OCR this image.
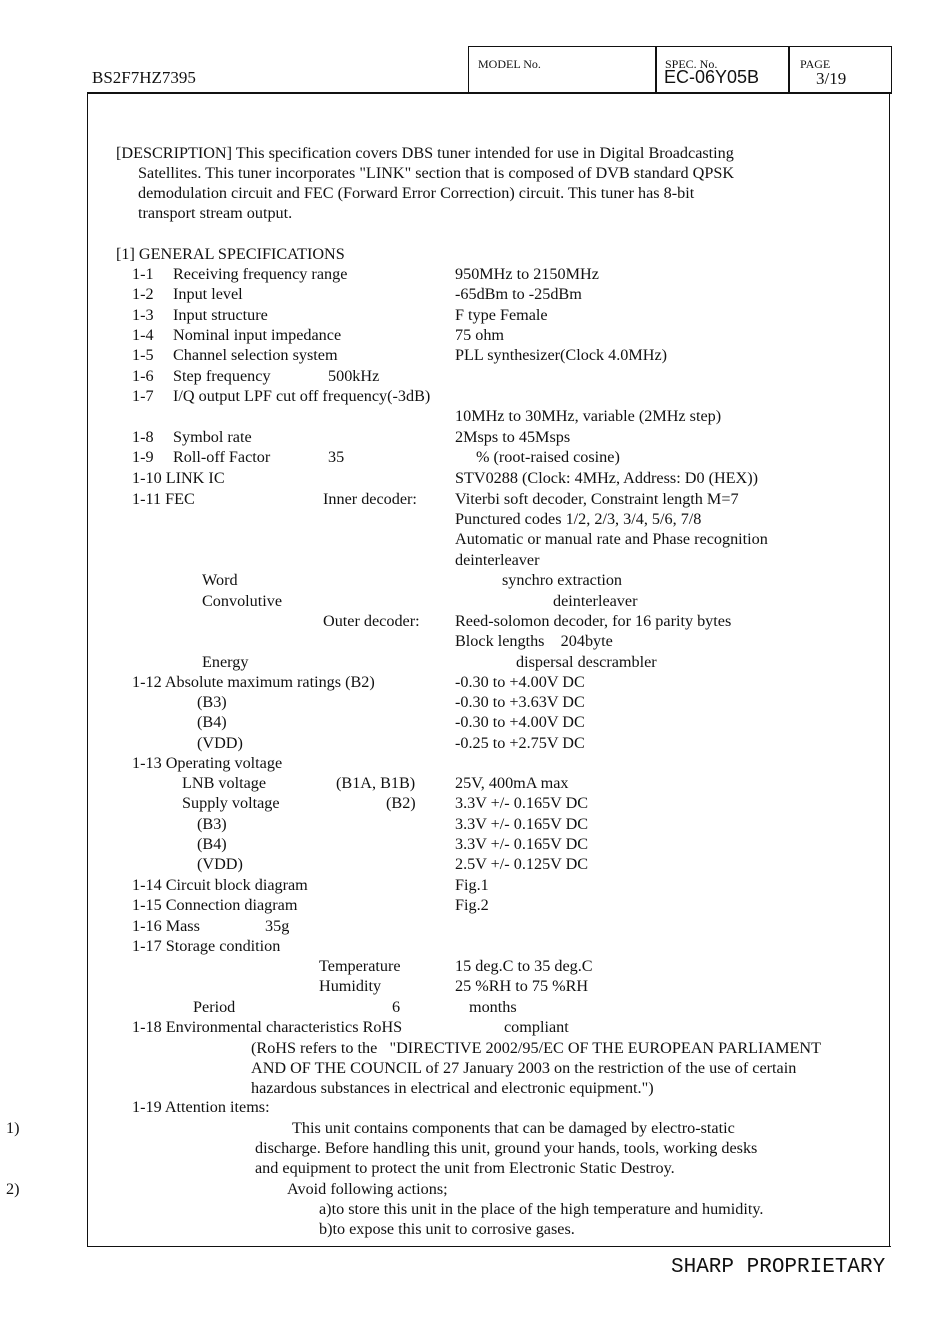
BS2F7HZ7395
MODEL No.	SPEC. No.
EC-06Y05B
PAGE
3/19
[DESCRIPTION] This specification covers DBS tuner intended for use in Digital Broadcasting
Satellites. This tuner incorporates "LINK" section that is composed of DVB standard QPSK
demodulation circuit and FEC (Forward Error Correction) circuit. This tuner has 8-bit
transport stream output.
[1] GENERAL SPECIFICATIONS
1-1 Receiving frequency range	950MHz to 2150MHz
1-2 Input level	-65dBm to -25dBm
1-3 Input structure	F type Female
1-4 Nominal input impedance	75 ohm
1-5 Channel selection system	PLL synthesizer(Clock 4.0MHz)
1-6 Step frequency	500kHz
1-7 I/Q output LPF cut off frequency(-3dB)
10MHz to 30MHz, variable (2MHz step)
1-8 Symbol rate	2Msps to 45Msps
1-9 Roll-off Factor	35	% (root-raised cosine)
1-10 LINK IC	STV0288 (Clock: 4MHz, Address: D0 (HEX))
1-11 FEC	Inner decoder: Viterbi soft decoder, Constraint length M=7
Punctured codes 1/2, 2/3, 3/4, 5/6, 7/8
Automatic or manual rate and Phase recognition
deinterleaver
Word	synchro extraction
Convolutive	deinterleaver
Outer decoder: Reed-solomon decoder, for 16 parity bytes
Block lengths    204byte
Energy	dispersal descrambler
1-12 Absolute maximum ratings (B2)	-0.30 to +4.00V DC
(B3)	-0.30 to +3.63V DC
(B4)	-0.30 to +4.00V DC
(VDD)	-0.25 to +2.75V DC
1-13 Operating voltage
LNB voltage	(B1A, B1B) 25V, 400mA max
Supply voltage	(B2) 3.3V +/- 0.165V DC
(B3)	3.3V +/- 0.165V DC
(B4)	3.3V +/- 0.165V DC
(VDD)	2.5V +/- 0.125V DC
1-14 Circuit block diagram	Fig.1
1-15 Connection diagram	Fig.2
1-16 Mass	35g
1-17 Storage condition
Temperature	15 deg.C to 35 deg.C
Humidity	25 %RH to 75 %RH
Period	6	months
1-18 Environmental characteristics RoHS	compliant
(RoHS refers to the   "DIRECTIVE 2002/95/EC OF THE EUROPEAN PARLIAMENT
AND OF THE COUNCIL of 27 January 2003 on the restriction of the use of certain
hazardous substances in electrical and electronic equipment.")
1-19 Attention items:
1)	This unit contains components that can be damaged by electro-static
discharge. Before handling this unit, ground your hands, tools, working desks
and equipment to protect the unit from Electronic Static Destroy.
2)	Avoid following actions;
a)to store this unit in the place of the high temperature and humidity.
b)to expose this unit to corrosive gases.
SHARP PROPRIETARY
